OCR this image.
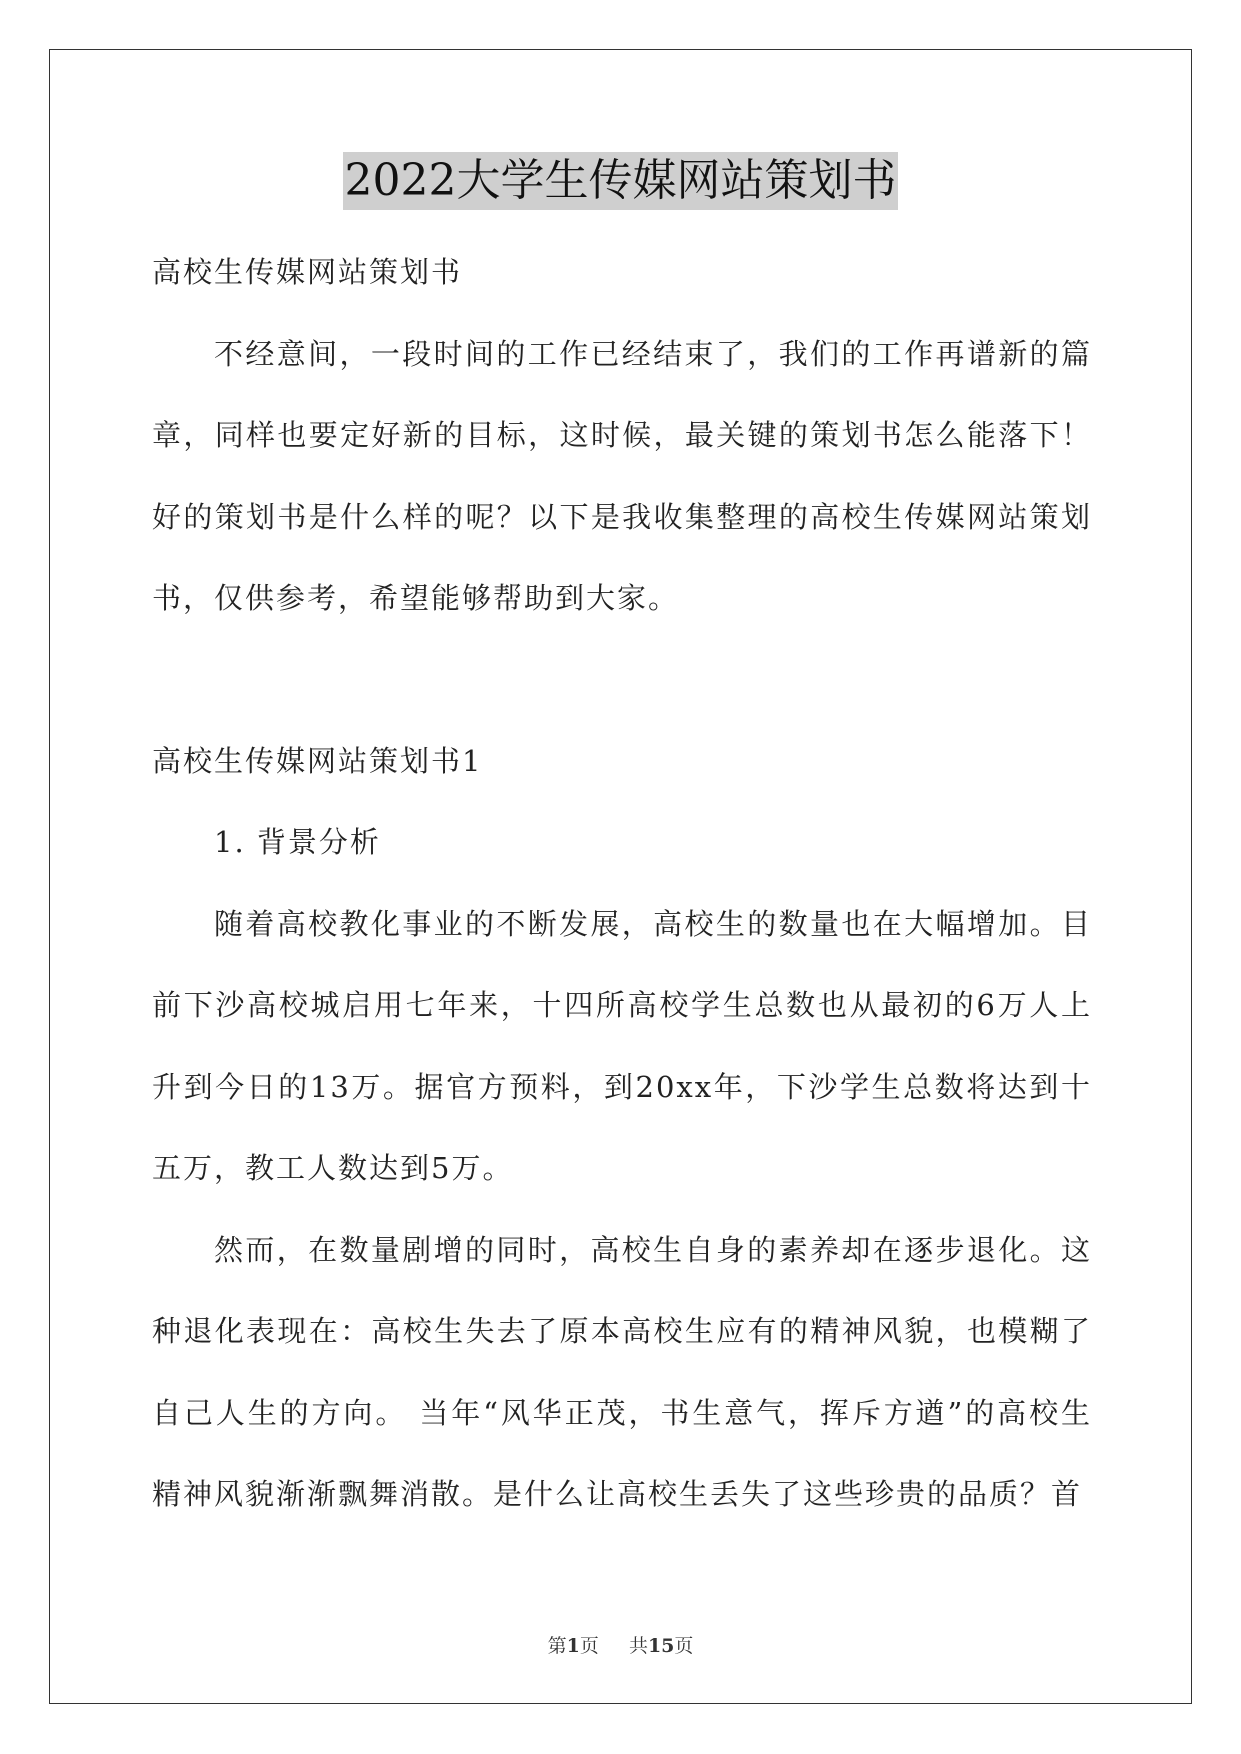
2022大学生传媒网站策划书

高校生传媒网站策划书

不经意间，一段时间的工作已经结束了，我们的工作再谱新的篇章，同样也要定好新的目标，这时候，最关键的策划书怎么能落下！好的策划书是什么样的呢？以下是我收集整理的高校生传媒网站策划书，仅供参考，希望能够帮助到大家。

高校生传媒网站策划书1

1. 背景分析

随着高校教化事业的不断发展，高校生的数量也在大幅增加。目前下沙高校城启用七年来，十四所高校学生总数也从最初的6万人上升到今日的13万。据官方预料，到20xx年，下沙学生总数将达到十五万，教工人数达到5万。

然而，在数量剧增的同时，高校生自身的素养却在逐步退化。这种退化表现在：高校生失去了原本高校生应有的精神风貌，也模糊了自己人生的方向。 当年“风华正茂，书生意气，挥斥方遒”的高校生精神风貌渐渐飘舞消散。是什么让高校生丢失了这些珍贵的品质？首

第1页 共15页
